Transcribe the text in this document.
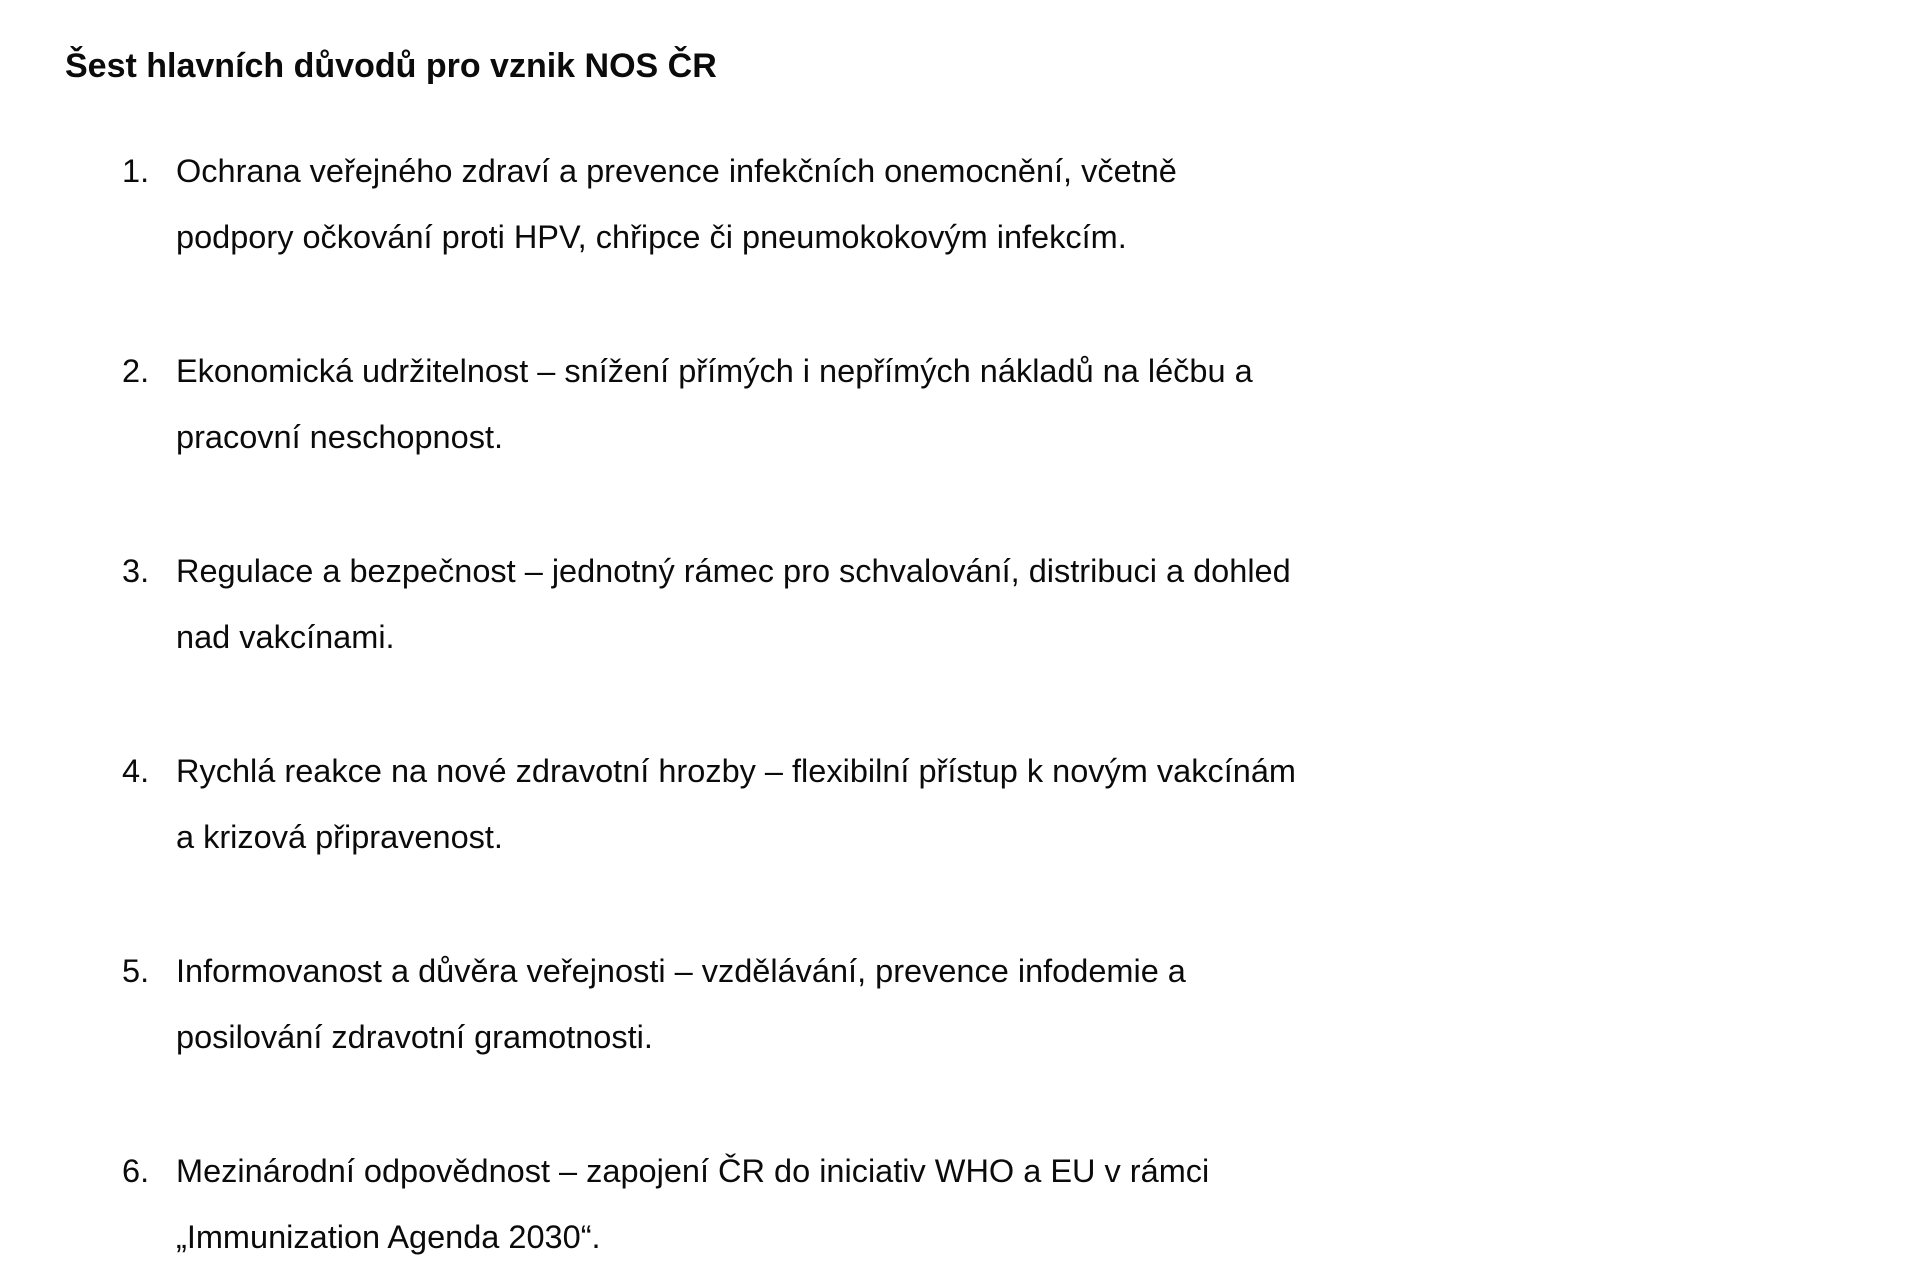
Šest hlavních důvodů pro vznik NOS ČR
1. Ochrana veřejného zdraví a prevence infekčních onemocnění, včetně
podpory očkování proti HPV, chřipce či pneumokokovým infekcím.
2. Ekonomická udržitelnost – snížení přímých i nepřímých nákladů na léčbu a
pracovní neschopnost.
3. Regulace a bezpečnost – jednotný rámec pro schvalování, distribuci a dohled
nad vakcínami.
4. Rychlá reakce na nové zdravotní hrozby – flexibilní přístup k novým vakcínám
a krizová připravenost.
5. Informovanost a důvěra veřejnosti – vzdělávání, prevence infodemie a
posilování zdravotní gramotnosti.
6. Mezinárodní odpovědnost – zapojení ČR do iniciativ WHO a EU v rámci
„Immunization Agenda 2030“.
